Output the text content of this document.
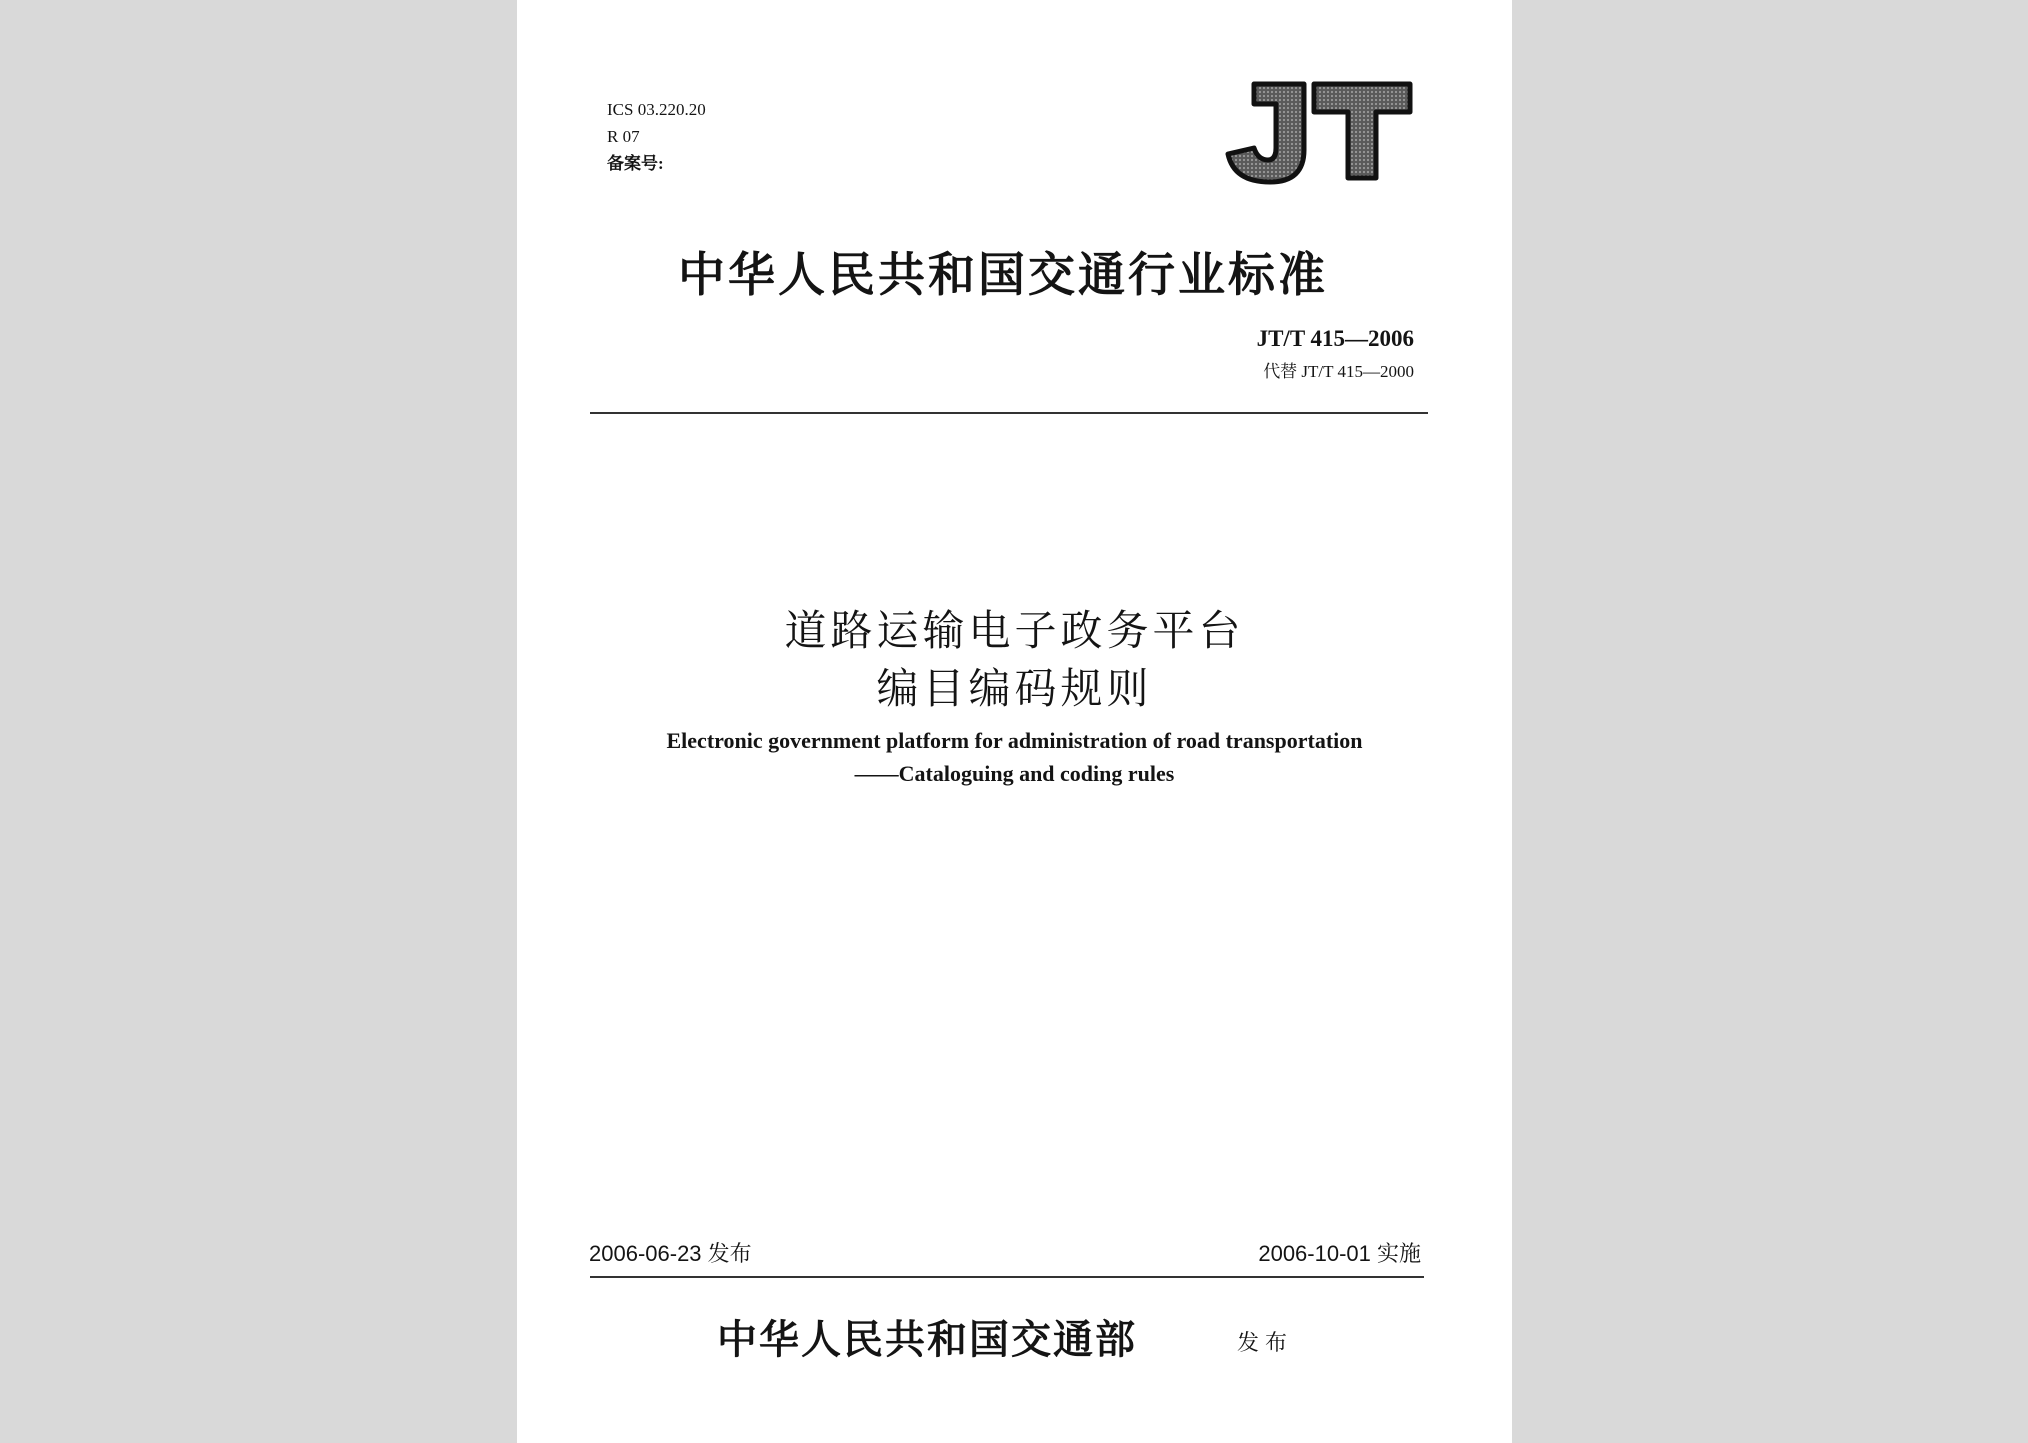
ICS 03.220.20
R 07
备案号:
中华人民共和国交通行业标准
JT/T 415—2006
代替 JT/T 415—2000
道路运输电子政务平台
编目编码规则
Electronic government platform for administration of road transportation
——Cataloguing and coding rules
2006-06-23 发布	2006-10-01 实施
中华人民共和国交通部	发布
